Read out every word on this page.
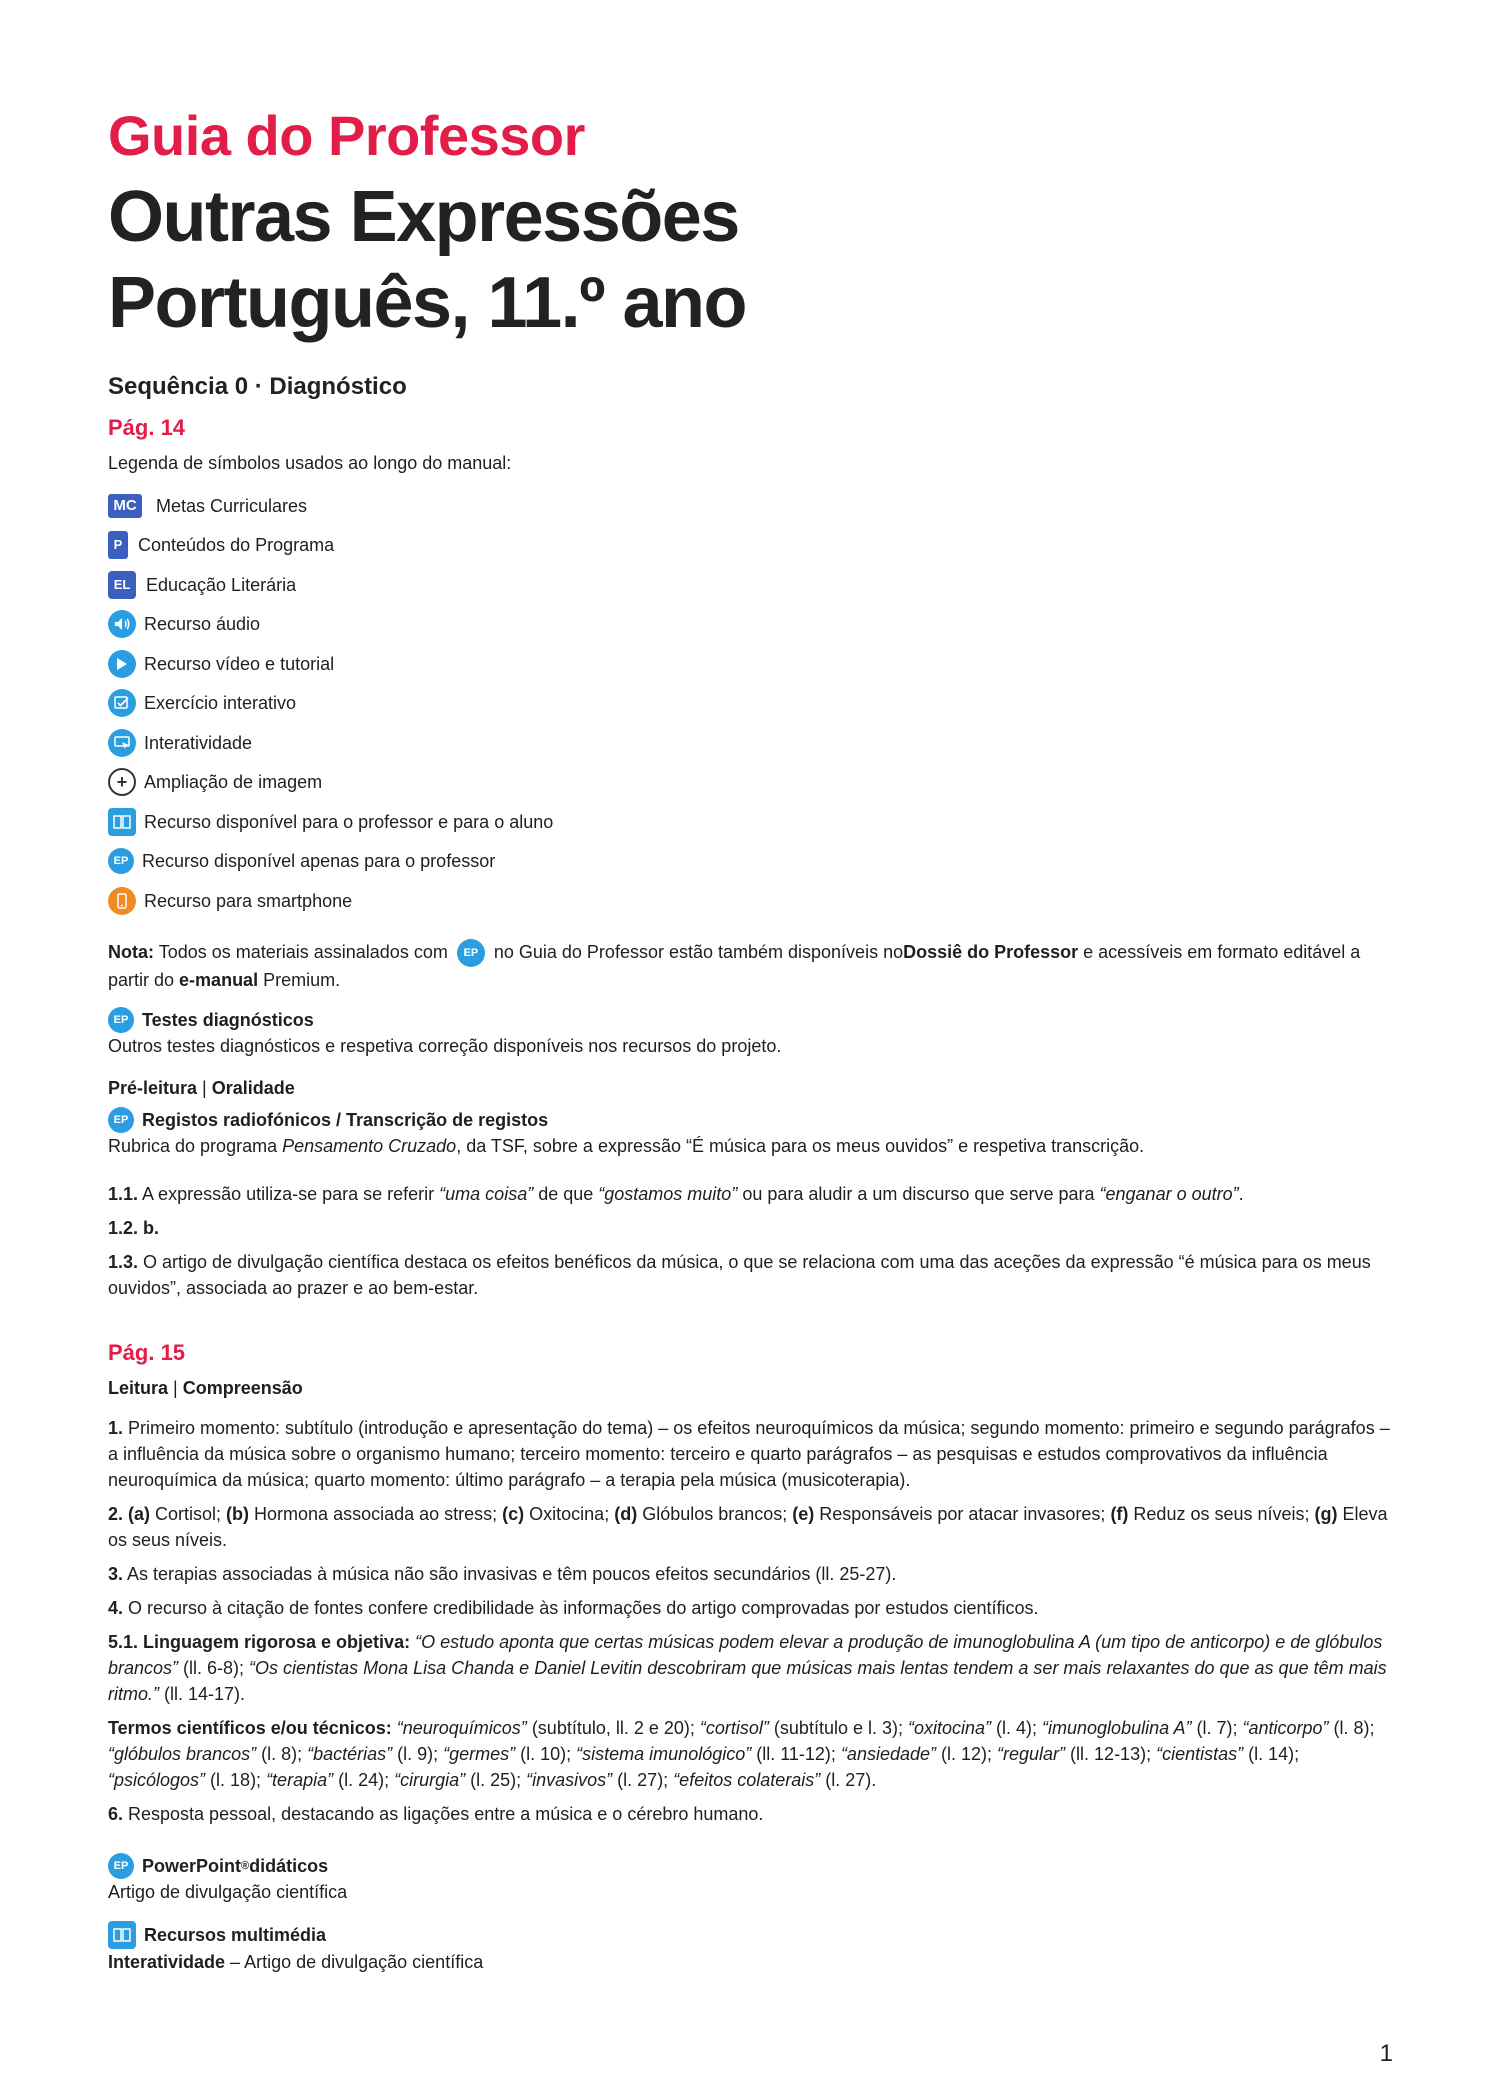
Guia do Professor
Outras Expressões
Português, 11.º ano
Sequência 0 · Diagnóstico
Pág. 14

Legenda de símbolos usados ao longo do manual:

MC Metas Curriculares
P Conteúdos do Programa
EL Educação Literária
Recurso áudio
Recurso vídeo e tutorial
Exercício interativo
Interatividade
+ Ampliação de imagem
Recurso disponível para o professor e para o aluno
EP Recurso disponível apenas para o professor
Recurso para smartphone

Nota: Todos os materiais assinalados com EP no Guia do Professor estão também disponíveis noDossiê do Professor e acessíveis em formato editável a partir do e-manual Premium.

EP Testes diagnósticos

Outros testes diagnósticos e respetiva correção disponíveis nos recursos do projeto.

Pré-leitura | Oralidade

EP Registos radiofónicos / Transcrição de registos

Rubrica do programa Pensamento Cruzado, da TSF, sobre a expressão “É música para os meus ouvidos” e respetiva transcrição.

1.1. A expressão utiliza-se para se referir “uma coisa” de que “gostamos muito” ou para aludir a um discurso que serve para “enganar o outro”.

1.2. b.

1.3. O artigo de divulgação científica destaca os efeitos benéficos da música, o que se relaciona com uma das aceções da expressão “é música para os meus ouvidos”, associada ao prazer e ao bem-estar.

Pág. 15

Leitura | Compreensão

1. Primeiro momento: subtítulo (introdução e apresentação do tema) – os efeitos neuroquímicos da música; segundo momento: primeiro e segundo parágrafos – a influência da música sobre o organismo humano; terceiro momento: terceiro e quarto parágrafos – as pesquisas e estudos comprovativos da influência neuroquímica da música; quarto momento: último parágrafo – a terapia pela música (musicoterapia).

2. (a) Cortisol; (b) Hormona associada ao stress; (c) Oxitocina; (d) Glóbulos brancos; (e) Responsáveis por atacar invasores; (f) Reduz os seus níveis; (g) Eleva os seus níveis.

3. As terapias associadas à música não são invasivas e têm poucos efeitos secundários (ll. 25-27).

4. O recurso à citação de fontes confere credibilidade às informações do artigo comprovadas por estudos científicos.

5.1. Linguagem rigorosa e objetiva: “O estudo aponta que certas músicas podem elevar a produção de imunoglobulina A (um tipo de anticorpo) e de glóbulos brancos” (ll. 6-8); “Os cientistas Mona Lisa Chanda e Daniel Levitin descobriram que músicas mais lentas tendem a ser mais relaxantes do que as que têm mais ritmo.” (ll. 14-17).

Termos científicos e/ou técnicos: “neuroquímicos” (subtítulo, ll. 2 e 20); “cortisol” (subtítulo e l. 3); “oxitocina” (l. 4); “imunoglobulina A” (l. 7); “anticorpo” (l. 8); “glóbulos brancos” (l. 8); “bactérias” (l. 9); “germes” (l. 10); “sistema imunológico” (ll. 11-12); “ansiedade” (l. 12); “regular” (ll. 12-13); “cientistas” (l. 14); “psicólogos” (l. 18); “terapia” (l. 24); “cirurgia” (l. 25); “invasivos” (l. 27); “efeitos colaterais” (l. 27).

6. Resposta pessoal, destacando as ligações entre a música e o cérebro humano.

EP PowerPoint ® didáticos

Artigo de divulgação científica

Recursos multimédia

Interatividade – Artigo de divulgação científica

1
